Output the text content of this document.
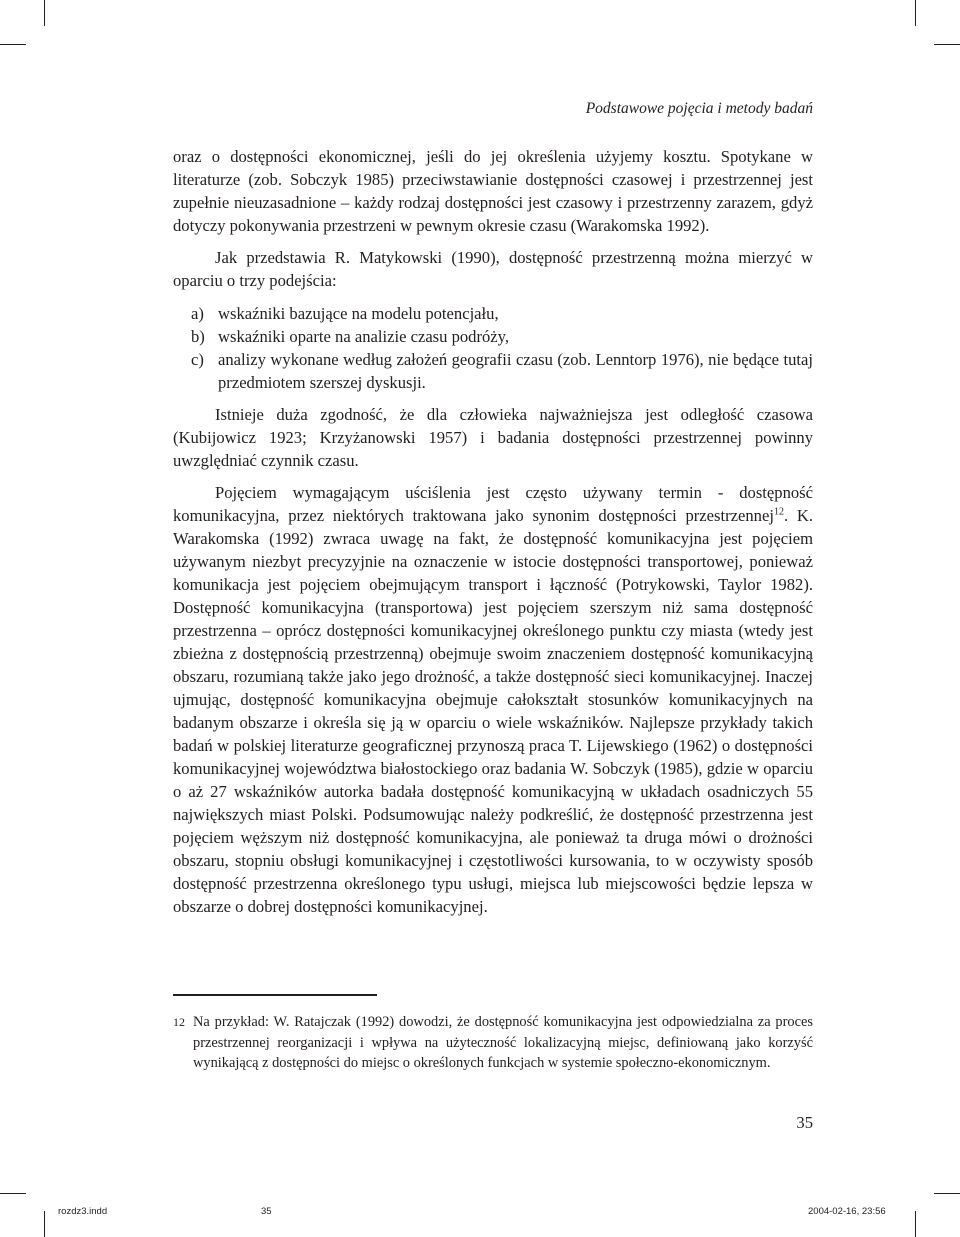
Podstawowe pojęcia i metody badań

oraz o dostępności ekonomicznej, jeśli do jej określenia użyjemy kosztu. Spotykane w literaturze (zob. Sobczyk 1985) przeciwstawianie dostępności czasowej i przestrzennej jest zupełnie nieuzasadnione – każdy rodzaj dostępności jest czasowy i przestrzenny zarazem, gdyż dotyczy pokonywania przestrzeni w pewnym okresie czasu (Warakomska 1992).

Jak przedstawia R. Matykowski (1990), dostępność przestrzenną można mierzyć w oparciu o trzy podejścia:

a) wskaźniki bazujące na modelu potencjału,
b) wskaźniki oparte na analizie czasu podróży,
c) analizy wykonane według założeń geografii czasu (zob. Lenntorp 1976), nie będące tutaj przedmiotem szerszej dyskusji.

Istnieje duża zgodność, że dla człowieka najważniejsza jest odległość czasowa (Kubijowicz 1923; Krzyżanowski 1957) i badania dostępności przestrzennej powinny uwzględniać czynnik czasu.

Pojęciem wymagającym uściślenia jest często używany termin - dostępność komunikacyjna, przez niektórych traktowana jako synonim dostępności przestrzennej$^{12}$. K. Warakomska (1992) zwraca uwagę na fakt, że dostępność komunikacyjna jest pojęciem używanym niezbyt precyzyjnie na oznaczenie w istocie dostępności transportowej, ponieważ komunikacja jest pojęciem obejmującym transport i łączność (Potrykowski, Taylor 1982). Dostępność komunikacyjna (transportowa) jest pojęciem szerszym niż sama dostępność przestrzenna – oprócz dostępności komunikacyjnej określonego punktu czy miasta (wtedy jest zbieżna z dostępnością przestrzenną) obejmuje swoim znaczeniem dostępność komunikacyjną obszaru, rozumianą także jako jego drożność, a także dostępność sieci komunikacyjnej. Inaczej ujmując, dostępność komunikacyjna obejmuje całokształt stosunków komunikacyjnych na badanym obszarze i określa się ją w oparciu o wiele wskaźników. Najlepsze przykłady takich badań w polskiej literaturze geograficznej przynoszą praca T. Lijewskiego (1962) o dostępności komunikacyjnej województwa białostockiego oraz badania W. Sobczyk (1985), gdzie w oparciu o aż 27 wskaźników autorka badała dostępność komunikacyjną w układach osadniczych 55 największych miast Polski. Podsumowując należy podkreślić, że dostępność przestrzenna jest pojęciem węższym niż dostępność komunikacyjna, ale ponieważ ta druga mówi o drożności obszaru, stopniu obsługi komunikacyjnej i częstotliwości kursowania, to w oczywisty sposób dostępność przestrzenna określonego typu usługi, miejsca lub miejscowości będzie lepsza w obszarze o dobrej dostępności komunikacyjnej.

12 Na przykład: W. Ratajczak (1992) dowodzi, że dostępność komunikacyjna jest odpowiedzialna za proces przestrzennej reorganizacji i wpływa na użyteczność lokalizacyjną miejsc, definiowaną jako korzyść wynikającą z dostępności do miejsc o określonych funkcjach w systemie społeczno-ekonomicznym.
35
rozdz3.indd	35	2004-02-16, 23:56
